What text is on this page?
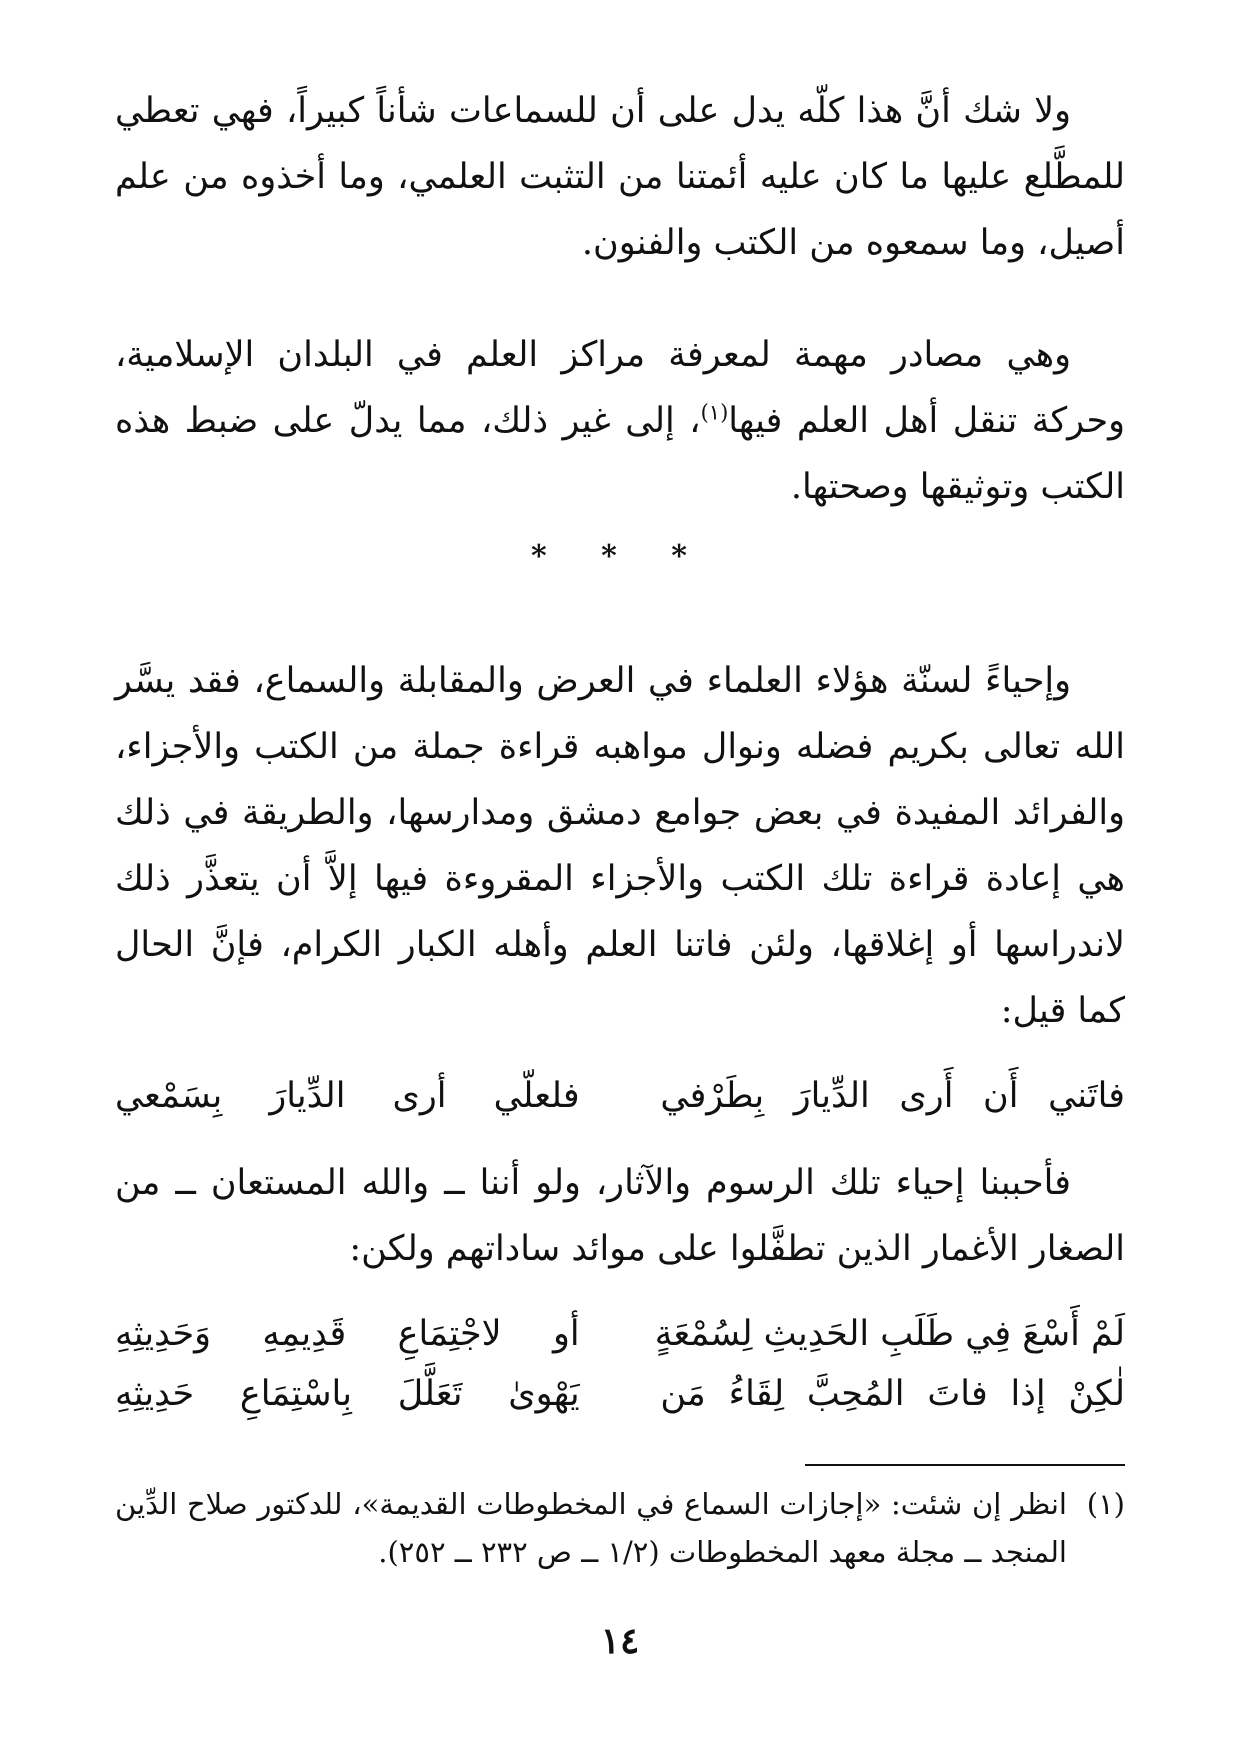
ولا شك أنَّ هذا كلّه يدل على أن للسماعات شأناً كبيراً، فهي تعطي للمطَّلع عليها ما كان عليه أئمتنا من التثبت العلمي، وما أخذوه من علم أصيل، وما سمعوه من الكتب والفنون.

وهي مصادر مهمة لمعرفة مراكز العلم في البلدان الإسلامية، وحركة تنقل أهل العلم فيها$^{(١)}$، إلى غير ذلك، مما يدلّ على ضبط هذه الكتب وتوثيقها وصحتها.

* * *

وإحياءً لسنّة هؤلاء العلماء في العرض والمقابلة والسماع، فقد يسَّر الله تعالى بكريم فضله ونوال مواهبه قراءة جملة من الكتب والأجزاء، والفرائد المفيدة في بعض جوامع دمشق ومدارسها، والطريقة في ذلك هي إعادة قراءة تلك الكتب والأجزاء المقروءة فيها إلاَّ أن يتعذَّر ذلك لاندراسها أو إغلاقها، ولئن فاتنا العلم وأهله الكبار الكرام، فإنَّ الحال كما قيل:

فاتَني أَن أَرى الدِّيارَ بِطَرْفي
فلعلّي أرى الدِّيارَ بِسَمْعي

فأحببنا إحياء تلك الرسوم والآثار، ولو أننا ــ والله المستعان ــ من الصغار الأغمار الذين تطفَّلوا على موائد ساداتهم ولكن:

لَمْ أَسْعَ فِي طَلَبِ الحَدِيثِ لِسُمْعَةٍ
أو لاجْتِمَاعِ قَدِيمِهِ وَحَدِيثِهِ
لٰكِنْ إذا فاتَ المُحِبَّ لِقَاءُ مَن
يَهْوىٰ تَعَلَّلَ بِاسْتِمَاعِ حَدِيثِهِ

(١)
انظر إن شئت: «إجازات السماع في المخطوطات القديمة»، للدكتور صلاح الدِّين المنجد ــ مجلة معهد المخطوطات (١/٢ ــ ص ٢٣٢ ــ ٢٥٢).

١٤
